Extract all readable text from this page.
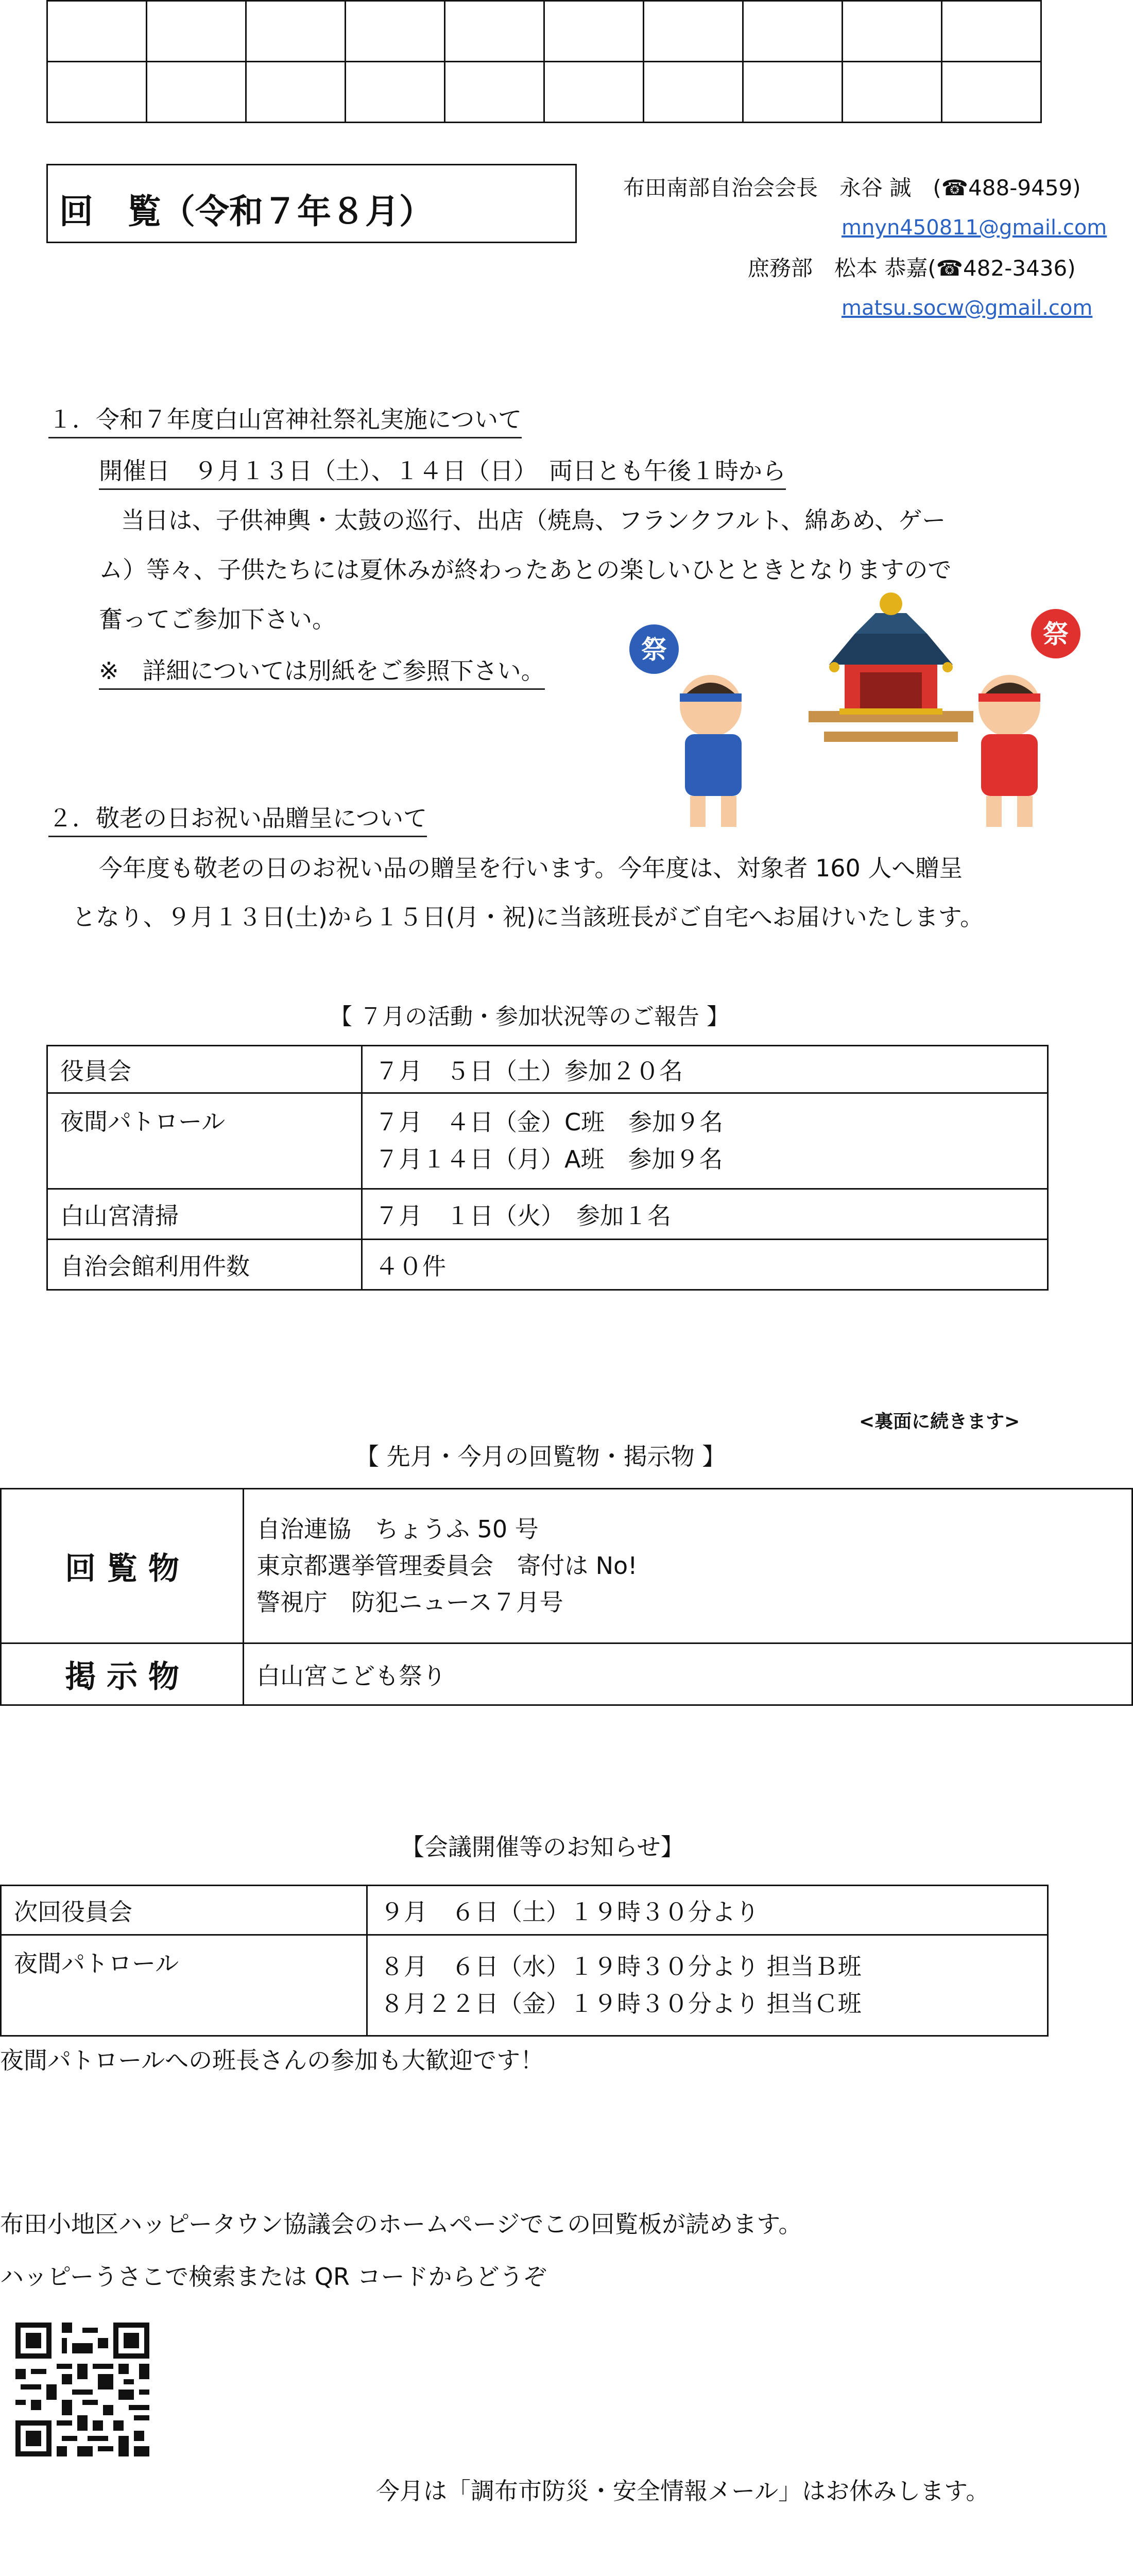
回　覧（令和７年８月）
布田南部自治会会長　永谷 誠　(☎488-9459)
mnyn450811@gmail.com
庶務部　松本 恭嘉(☎482-3436)
matsu.socw@gmail.com
１．令和７年度白山宮神社祭礼実施について
開催日　９月１３日（土）、１４日（日）　両日とも午後１時から
当日は、子供神輿・太鼓の巡行、出店（焼鳥、フランクフルト、綿あめ、ゲー
ム）等々、子供たちには夏休みが終わったあとの楽しいひとときとなりますので
奮ってご参加下さい。
※　詳細については別紙をご参照下さい。
祭
祭
２．敬老の日お祝い品贈呈について
今年度も敬老の日のお祝い品の贈呈を行います。今年度は、対象者 160 人へ贈呈
となり、９月１３日(土)から１５日(月・祝)に当該班長がご自宅へお届けいたします。
【 ７月の活動・参加状況等のご報告 】
役員会	７月　５日（土）参加２０名
夜間パトロール	７月　４日（金）C班　参加９名
７月１４日（月）A班　参加９名

白山宮清掃	７月　１日（火）　参加１名
自治会館利用件数	４０件
<裏面に続きます>
【 先月・今月の回覧物・掲示物 】
回 覧 物	自治連協　ちょうふ 50 号
東京都選挙管理委員会　寄付は No!
警視庁　防犯ニュース７月号

掲 示 物	白山宮こども祭り
【会議開催等のお知らせ】
次回役員会	９月　６日（土）１９時３０分より
夜間パトロール	８月　６日（水）１９時３０分より 担当Ｂ班
８月２２日（金）１９時３０分より 担当Ｃ班
夜間パトロールへの班長さんの参加も大歓迎です！
布田小地区ハッピータウン協議会のホームページでこの回覧板が読めます。
ハッピーうさこで検索または QR コードからどうぞ
今月は「調布市防災・安全情報メール」はお休みします。
